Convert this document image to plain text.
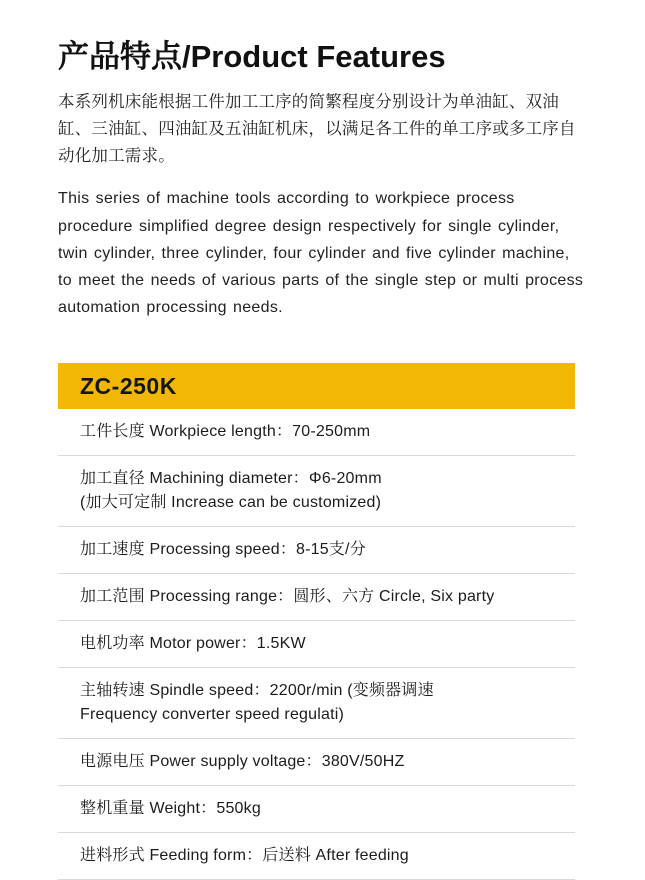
产品特点/Product Features

本系列机床能根据工件加工工序的简繁程度分别设计为单油缸、双油缸、三油缸、四油缸及五油缸机床，以满足各工件的单工序或多工序自动化加工需求。

This series of machine tools according to workpiece process procedure simplified degree design respectively for single cylinder, twin cylinder, three cylinder, four cylinder and five cylinder machine, to meet the needs of various parts of the single step or multi process automation processing needs.

ZC-250K
工件长度 Workpiece length：70-250mm
加工直径 Machining diameter：Φ6-20mm
(加大可定制 Increase can be customized)

加工速度 Processing speed：8-15支/分
加工范围 Processing range：圆形、六方 Circle, Six party
电机功率 Motor power：1.5KW
主轴转速 Spindle speed：2200r/min (变频器调速
Frequency converter speed regulati)

电源电压 Power supply voltage：380V/50HZ
整机重量 Weight：550kg
进料形式 Feeding form：后送料 After feeding
